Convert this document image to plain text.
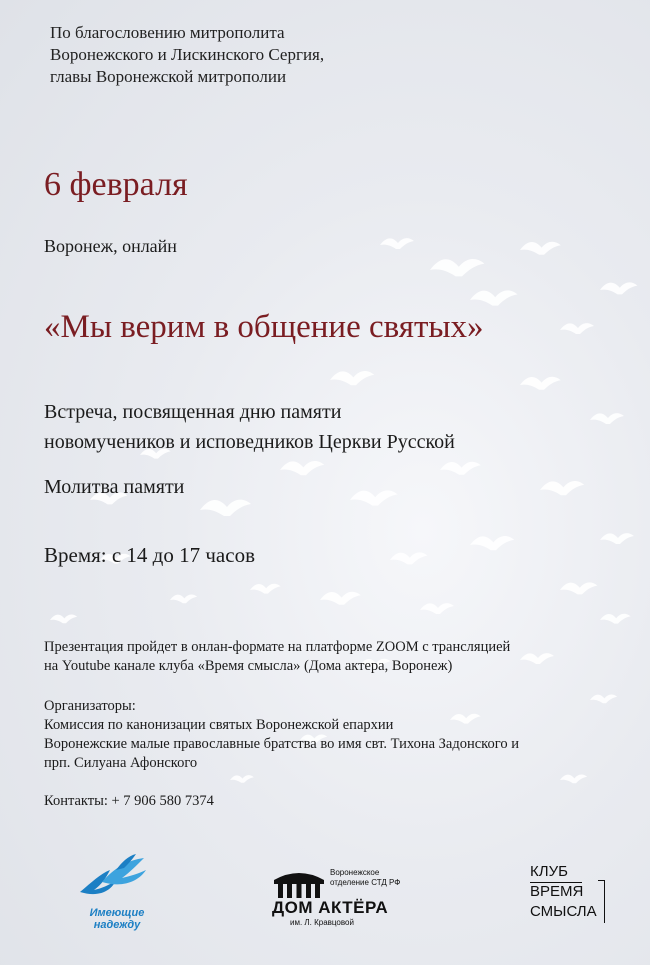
По благословению митрополита
Воронежского и Лискинского Сергия,
главы Воронежской митрополии
6 февраля
Воронеж, онлайн
«Мы верим в общение святых»
Встреча, посвященная дню памяти
новомучеников и исповедников Церкви Русской
Молитва памяти
Время: с 14 до 17 часов
Презентация пройдет в онлан-формате на платформе ZOOM с трансляцией
на Youtube канале клуба «Время смысла» (Дома актера, Воронеж)
Организаторы:
Комиссия по канонизации святых Воронежской епархии
Воронежские малые православные братства во имя свт. Тихона Задонского и
прп. Силуана Афонского
Контакты: + 7 906 580 7374
Имеющие
надежду
Воронежское
отделение СТД РФ
ДОМ АКТЁРА
им. Л. Кравцовой
КЛУБ
ВРЕМЯ
СМЫСЛА
